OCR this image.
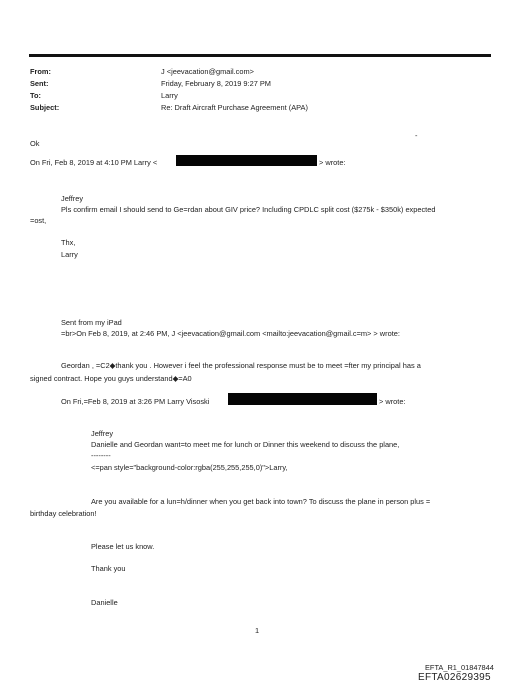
From:
Sent:
To:
Subject:
J <jeevacation@gmail.com>
Friday, February 8, 2019 9:27 PM
Larry
Re: Draft Aircraft Purchase Agreement (APA)
Ok
-
On Fri, Feb 8, 2019 at 4:10 PM Larry <	> wrote:
Jeffrey
Pls confirm email I should send to Ge=rdan about GIV price? Including CPDLC split cost ($275k - $350k) expected
=ost,
Thx,
Larry
Sent from my iPad
=br>On Feb 8, 2019, at 2:46 PM, J <jeevacation@gmail.com <mailto:jeevacation@gmail.c=m> > wrote:
Geordan , =C2◆thank you . However i feel the professional response must be to meet =fter my principal has a
signed contract. Hope you guys understand◆=A0
On Fri,=Feb 8, 2019 at 3:26 PM Larry Visoski	> wrote:
Jeffrey
Danielle and Geordan want=to meet me for lunch or Dinner this weekend to discuss the plane,
--------
<=pan style="background-color:rgba(255,255,255,0)">Larry,
Are you available for a lun=h/dinner when you get back into town? To discuss the plane in person plus =
birthday celebration!
Please let us know.
Thank you
Danielle
1
EFTA_R1_01847844
EFTA02629395
